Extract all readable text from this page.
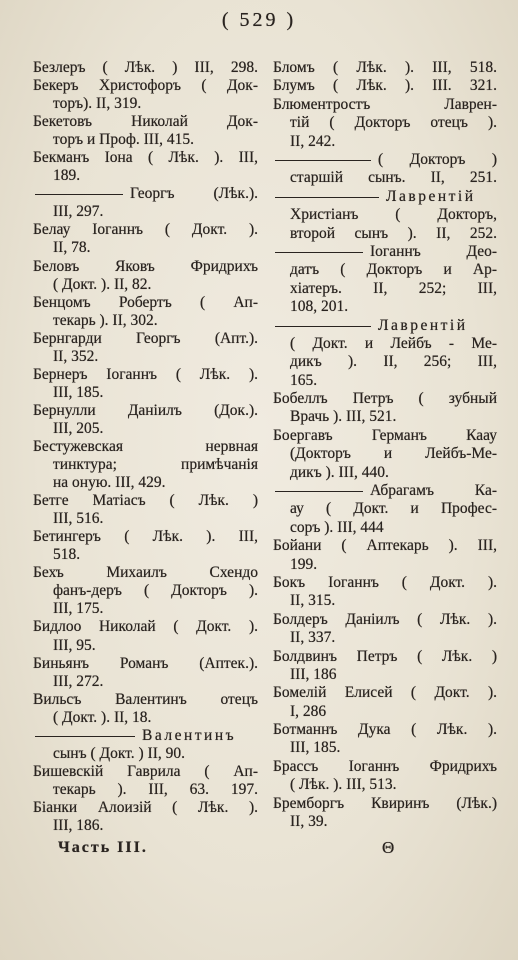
( 529 )
Безлеръ ( Лѣк. ) III, 298.
Бекеръ Христофоръ ( Док-
торъ). II, 319.
Бекетовъ Николай Док-
торъ и Проф. III, 415.
Бекманъ Іона ( Лѣк. ). III,
189.
Георгъ (Лѣк.).
III, 297.
Белау Іоганнъ ( Докт. ).
II, 78.
Беловъ Яковъ Фридрихъ
( Докт. ). II, 82.
Бенцомъ Робертъ ( Ап-
текарь ). II, 302.
Бернгарди Георгъ (Апт.).
II, 352.
Бернеръ Іоганнъ ( Лѣк. ).
III, 185.
Бернулли Даніилъ (Док.).
III, 205.
Бестужевская нервная
тинктура; примѣчанія
на оную. III, 429.
Бетге Матіасъ ( Лѣк. )
III, 516.
Бетингеръ ( Лѣк. ). III,
518.
Бехъ Михаилъ Схендо
фанъ-деръ ( Докторъ ).
III, 175.
Бидлоо Николай ( Докт. ).
III, 95.
Биньянъ Романъ (Аптек.).
III, 272.
Вильсъ Валентинъ отецъ
( Докт. ). II, 18.
Валентинъ
сынъ ( Докт. ) II, 90.
Бишевскій Гаврила ( Ап-
текарь ). III, 63. 197.
Біанки Алоизій ( Лѣк. ).
III, 186.
Бломъ ( Лѣк. ). III, 518.
Блумъ ( Лѣк. ). III. 321.
Блюментростъ Лаврен-
тій ( Докторъ отецъ ).
II, 242.
( Докторъ )
старшій сынъ. II, 251.
Лаврентій
Христіанъ ( Докторъ,
второй сынъ ). II, 252.
Іоганнъ Део-
датъ ( Докторъ и Ар-
хіатеръ. II, 252; III,
108, 201.
Лаврентій
( Докт. и Лейбъ - Ме-
дикъ ). II, 256; III,
165.
Бобеллъ Петръ ( зубный
Врачь ). III, 521.
Боергавъ Германъ Каау
(Докторъ и Лейбъ-Ме-
дикъ ). III, 440.
Абрагамъ Ка-
ау ( Докт. и Профес-
соръ ). III, 444
Бойани ( Аптекарь ). III,
199.
Бокъ Іоганнъ ( Докт. ).
II, 315.
Болдеръ Даніилъ ( Лѣк. ).
II, 337.
Болдвинъ Петръ ( Лѣк. )
III, 186
Бомелій Елисей ( Докт. ).
I, 286
Ботманнъ Дука ( Лѣк. ).
III, 185.
Брассъ Іоганнъ Фридрихъ
( Лѣк. ). III, 513.
Бремборгъ Квиринъ (Лѣк.)
II, 39.
Часть III.	Θ
